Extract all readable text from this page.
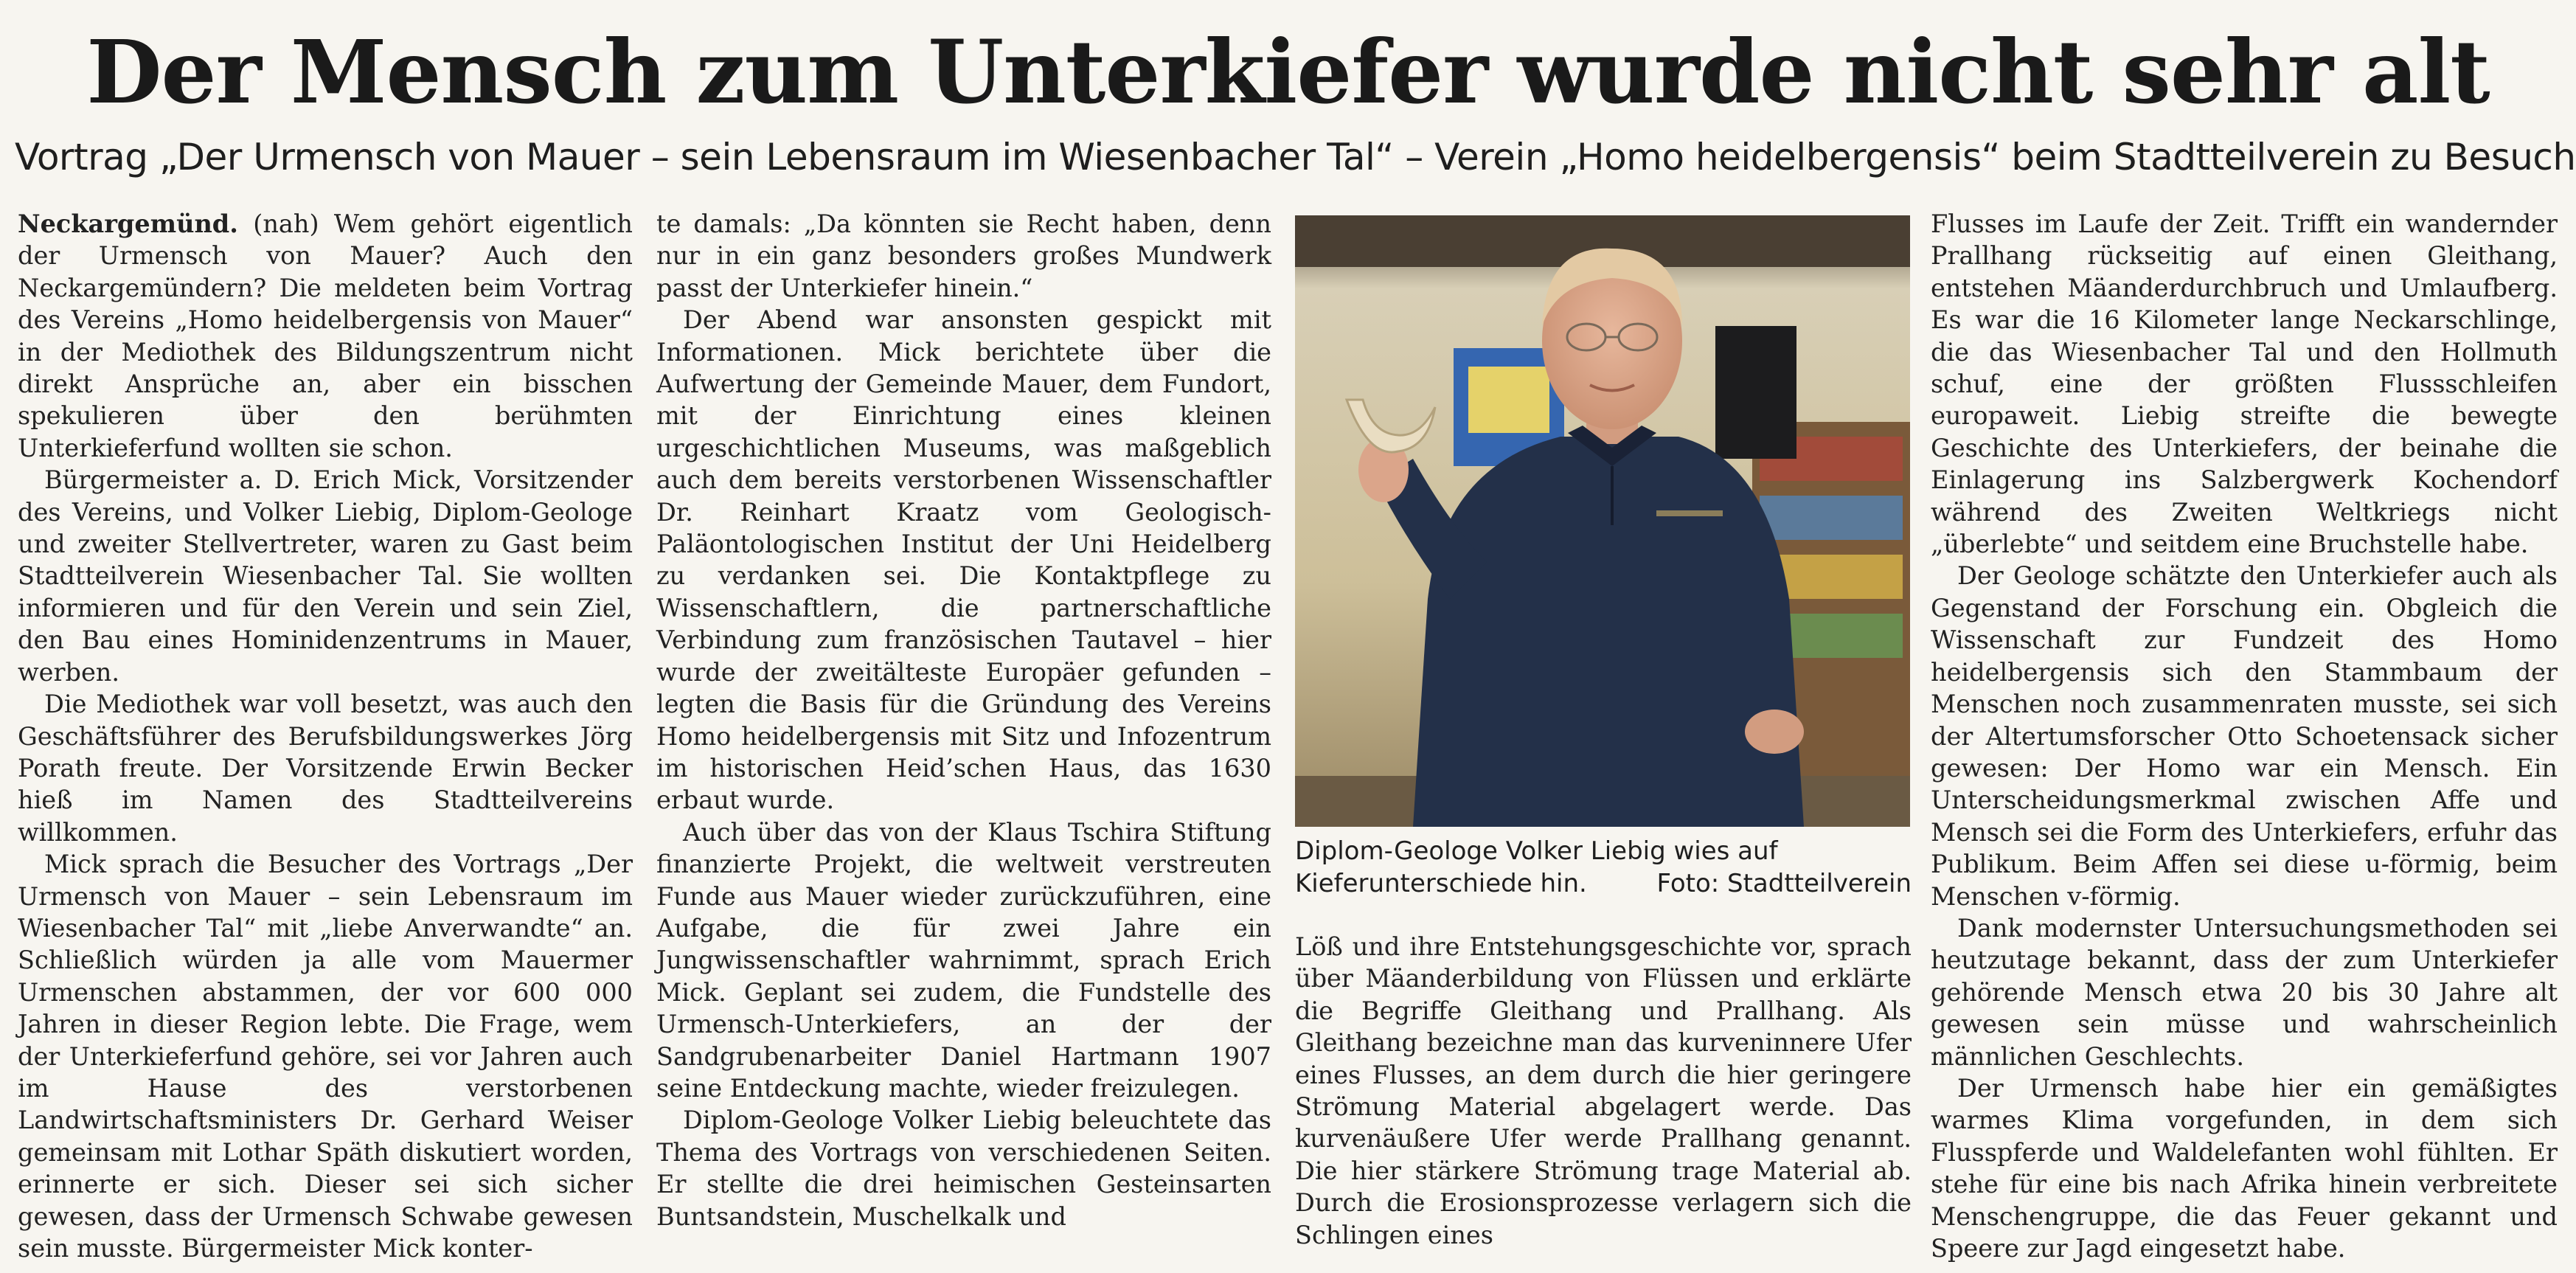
Der Mensch zum Unterkiefer wurde nicht sehr alt
Vortrag „Der Urmensch von Mauer – sein Lebensraum im Wiesenbacher Tal“ – Verein „Homo heidelbergensis“ beim Stadtteilverein zu Besuch

Neckargemünd. (nah) Wem gehört eigentlich der Urmensch von Mauer? Auch den Neckargemündern? Die meldeten beim Vortrag des Vereins „Homo heidelbergensis von Mauer“ in der Mediothek des Bildungszentrum nicht direkt Ansprüche an, aber ein bisschen spekulieren über den berühmten Unterkieferfund wollten sie schon.

Bürgermeister a. D. Erich Mick, Vorsitzender des Vereins, und Volker Liebig, Diplom-Geologe und zweiter Stellvertreter, waren zu Gast beim Stadtteilverein Wiesenbacher Tal. Sie wollten informieren und für den Verein und sein Ziel, den Bau eines Hominidenzentrums in Mauer, werben.

Die Mediothek war voll besetzt, was auch den Geschäftsführer des Berufsbildungswerkes Jörg Porath freute. Der Vorsitzende Erwin Becker hieß im Namen des Stadtteilvereins willkommen.

Mick sprach die Besucher des Vortrags „Der Urmensch von Mauer – sein Lebensraum im Wiesenbacher Tal“ mit „liebe Anverwandte“ an. Schließlich würden ja alle vom Mauermer Urmenschen abstammen, der vor 600 000 Jahren in dieser Region lebte. Die Frage, wem der Unterkieferfund gehöre, sei vor Jahren auch im Hause des verstorbenen Landwirtschaftsministers Dr. Gerhard Weiser gemeinsam mit Lothar Späth diskutiert worden, erinnerte er sich. Dieser sei sich sicher gewesen, dass der Urmensch Schwabe gewesen sein musste. Bürgermeister Mick konter-

te damals: „Da könnten sie Recht haben, denn nur in ein ganz besonders großes Mundwerk passt der Unterkiefer hinein.“

Der Abend war ansonsten gespickt mit Informationen. Mick berichtete über die Aufwertung der Gemeinde Mauer, dem Fundort, mit der Einrichtung eines kleinen urgeschichtlichen Museums, was maßgeblich auch dem bereits verstorbenen Wissenschaftler Dr. Reinhart Kraatz vom Geologisch-Paläontologischen Institut der Uni Heidelberg zu verdanken sei. Die Kontaktpflege zu Wissenschaftlern, die partnerschaftliche Verbindung zum französischen Tautavel – hier wurde der zweitälteste Europäer gefunden – legten die Basis für die Gründung des Vereins Homo heidelbergensis mit Sitz und Infozentrum im historischen Heid’schen Haus, das 1630 erbaut wurde.

Auch über das von der Klaus Tschira Stiftung finanzierte Projekt, die weltweit verstreuten Funde aus Mauer wieder zurückzuführen, eine Aufgabe, die für zwei Jahre ein Jungwissenschaftler wahrnimmt, sprach Erich Mick. Geplant sei zudem, die Fundstelle des Urmensch-Unterkiefers, an der der Sandgrubenarbeiter Daniel Hartmann 1907 seine Entdeckung machte, wieder freizulegen.

Diplom-Geologe Volker Liebig beleuchtete das Thema des Vortrags von verschiedenen Seiten. Er stellte die drei heimischen Gesteinsarten Buntsandstein, Muschelkalk und

Diplom-Geologe Volker Liebig wies auf Kieferunterschiede hin.	Foto: Stadtteilverein

Löß und ihre Entstehungsgeschichte vor, sprach über Mäanderbildung von Flüssen und erklärte die Begriffe Gleithang und Prallhang. Als Gleithang bezeichne man das kurveninnere Ufer eines Flusses, an dem durch die hier geringere Strömung Material abgelagert werde. Das kurvenäußere Ufer werde Prallhang genannt. Die hier stärkere Strömung trage Material ab. Durch die Erosionsprozesse verlagern sich die Schlingen eines

Flusses im Laufe der Zeit. Trifft ein wandernder Prallhang rückseitig auf einen Gleithang, entstehen Mäanderdurchbruch und Umlaufberg. Es war die 16 Kilometer lange Neckarschlinge, die das Wiesenbacher Tal und den Hollmuth schuf, eine der größten Flussschleifen europaweit. Liebig streifte die bewegte Geschichte des Unterkiefers, der beinahe die Einlagerung ins Salzbergwerk Kochendorf während des Zweiten Weltkriegs nicht „überlebte“ und seitdem eine Bruchstelle habe.

Der Geologe schätzte den Unterkiefer auch als Gegenstand der Forschung ein. Obgleich die Wissenschaft zur Fundzeit des Homo heidelbergensis sich den Stammbaum der Menschen noch zusammenraten musste, sei sich der Altertumsforscher Otto Schoetensack sicher gewesen: Der Homo war ein Mensch. Ein Unterscheidungsmerkmal zwischen Affe und Mensch sei die Form des Unterkiefers, erfuhr das Publikum. Beim Affen sei diese u-förmig, beim Menschen v-förmig.

Dank modernster Untersuchungsmethoden sei heutzutage bekannt, dass der zum Unterkiefer gehörende Mensch etwa 20 bis 30 Jahre alt gewesen sein müsse und wahrscheinlich männlichen Geschlechts.

Der Urmensch habe hier ein gemäßigtes warmes Klima vorgefunden, in dem sich Flusspferde und Waldelefanten wohl fühlten. Er stehe für eine bis nach Afrika hinein verbreitete Menschengruppe, die das Feuer gekannt und Speere zur Jagd eingesetzt habe.
